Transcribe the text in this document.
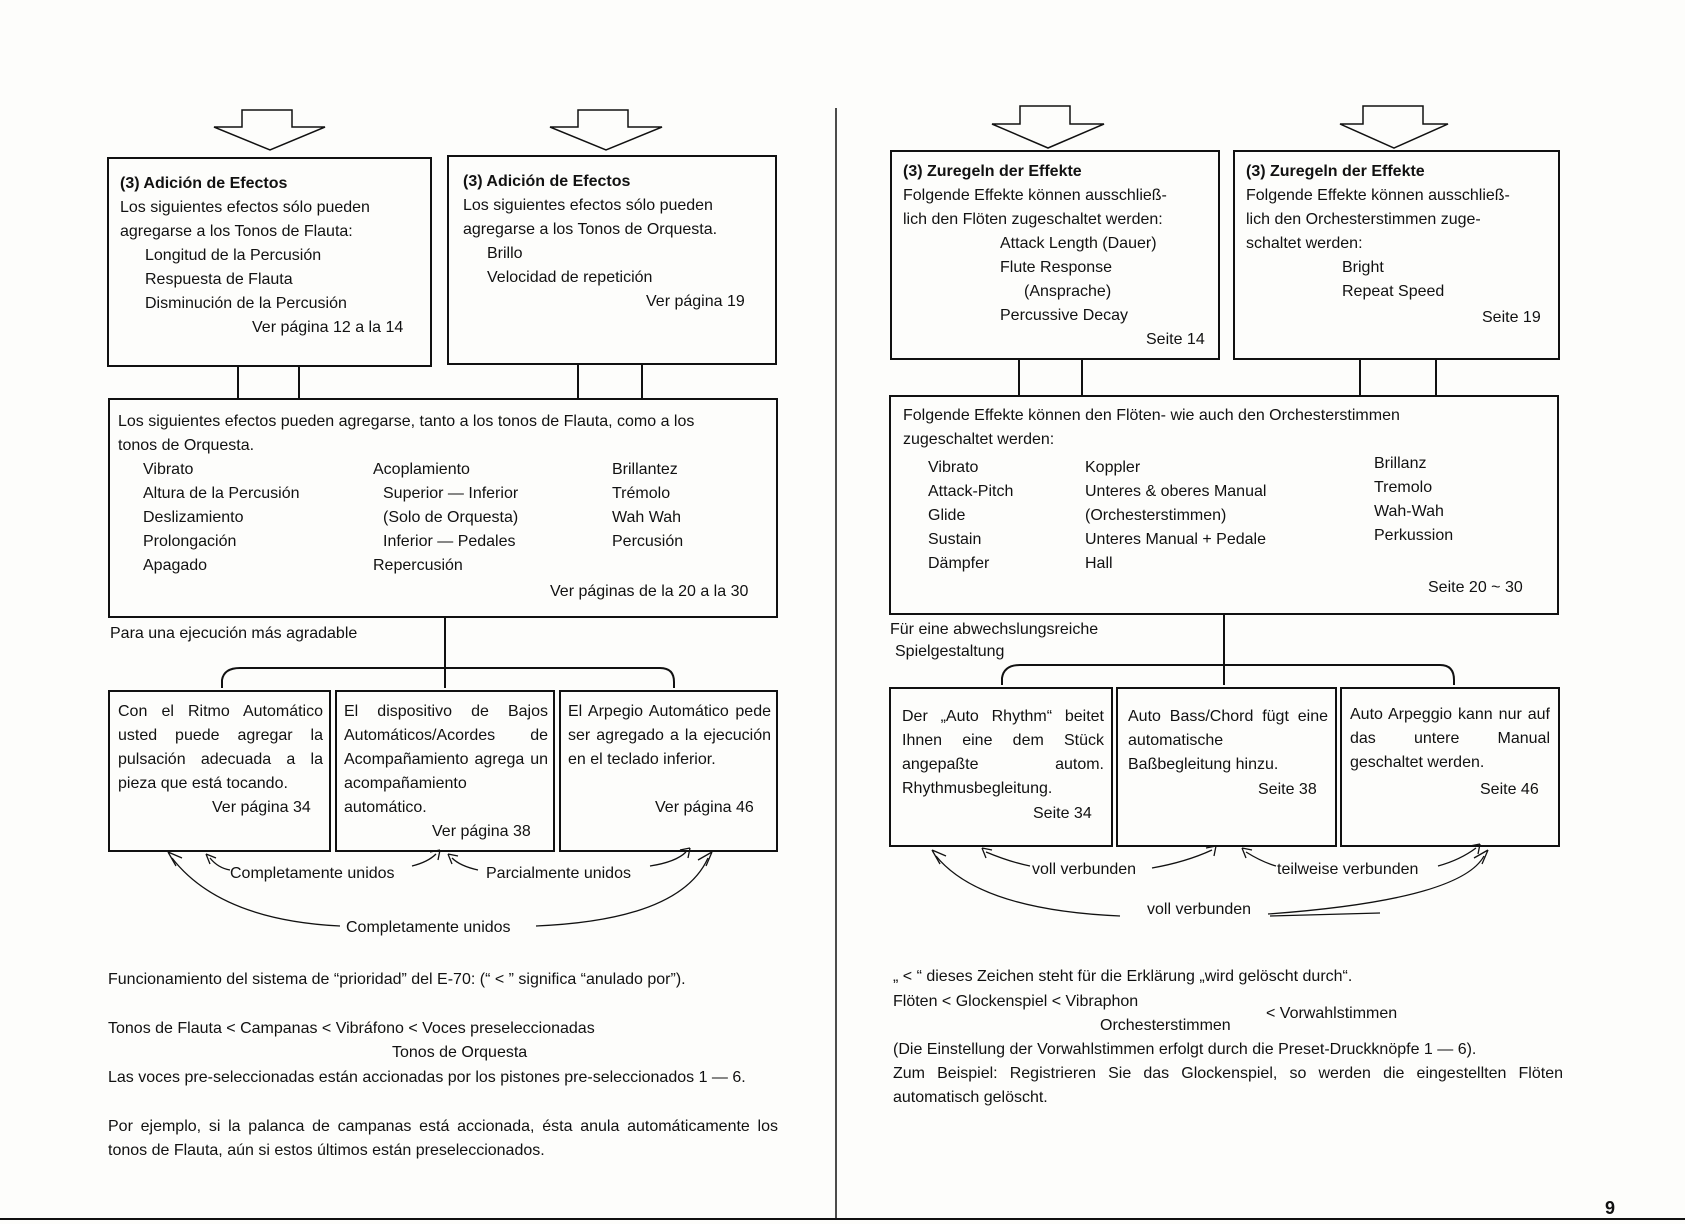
(3) Adición de Efectos
Los siguientes efectos sólo pueden
agregarse a los Tonos de Flauta:
Longitud de la Percusión
Respuesta de Flauta
Disminución de la Percusión
Ver página 12 a la 14
(3) Adición de Efectos
Los siguientes efectos sólo pueden
agregarse a los Tonos de Orquesta.
Brillo
Velocidad de repetición
Ver página 19
Los siguientes efectos pueden agregarse, tanto a los tonos de Flauta, como a los
tonos de Orquesta.
Vibrato
Altura de la Percusión
Deslizamiento
Prolongación
Apagado
Acoplamiento
Superior — Inferior
(Solo de Orquesta)
Inferior — Pedales
Repercusión
Brillantez
Trémolo
Wah Wah
Percusión
Ver páginas de la 20 a la 30
Para una ejecución más agradable
Con el Ritmo Automático usted puede agregar la pulsación adecuada a la pieza que está tocando.
Ver página 34
El dispositivo de Bajos Automáticos/Acordes de Acompañamiento agrega un acompañamiento automático.
Ver página 38
El Arpegio Automático pede ser agregado a la ejecución en el teclado inferior.
Ver página 46
Completamente unidos	Parcialmente unidos
Completamente unidos
Funcionamiento del sistema de “prioridad” del E-70: (“ < ” significa “anulado por”).
Tonos de Flauta < Campanas < Vibráfono < Voces preseleccionadas
Tonos de Orquesta
Las voces pre-seleccionadas están accionadas por los pistones pre-seleccionados 1 — 6.
Por ejemplo, si la palanca de campanas está accionada, ésta anula automáticamente los tonos de Flauta, aún si estos últimos están preseleccionados.
(3) Zuregeln der Effekte
Folgende Effekte können ausschließ-
lich den Flöten zugeschaltet werden:
Attack Length (Dauer)
Flute Response
(Ansprache)
Percussive Decay
Seite 14
(3) Zuregeln der Effekte
Folgende Effekte können ausschließ-
lich den Orchesterstimmen zuge-
schaltet werden:
Bright
Repeat Speed
Seite 19
Folgende Effekte können den Flöten- wie auch den Orchesterstimmen
zugeschaltet werden:
Vibrato
Attack-Pitch
Glide
Sustain
Dämpfer
Koppler
Unteres & oberes Manual
(Orchesterstimmen)
Unteres Manual + Pedale
Hall
Brillanz
Tremolo
Wah-Wah
Perkussion
Seite 20 ~ 30
Für eine abwechslungsreiche
Spielgestaltung
Der „Auto Rhythm“ beitet Ihnen eine dem Stück angepaßte autom. Rhythmusbegleitung.
Seite 34
Auto Bass/Chord fügt eine automatische Baßbegleitung hinzu.
Seite 38
Auto Arpeggio kann nur auf das untere Manual geschaltet werden.
Seite 46
voll verbunden	teilweise verbunden
voll verbunden
„ < “ dieses Zeichen steht für die Erklärung „wird gelöscht durch“.
Flöten < Glockenspiel < Vibraphon
Orchesterstimmen
< Vorwahlstimmen
(Die Einstellung der Vorwahlstimmen erfolgt durch die Preset-Druckknöpfe 1 — 6).
Zum Beispiel: Registrieren Sie das Glockenspiel, so werden die eingestellten Flöten automatisch gelöscht.
9
